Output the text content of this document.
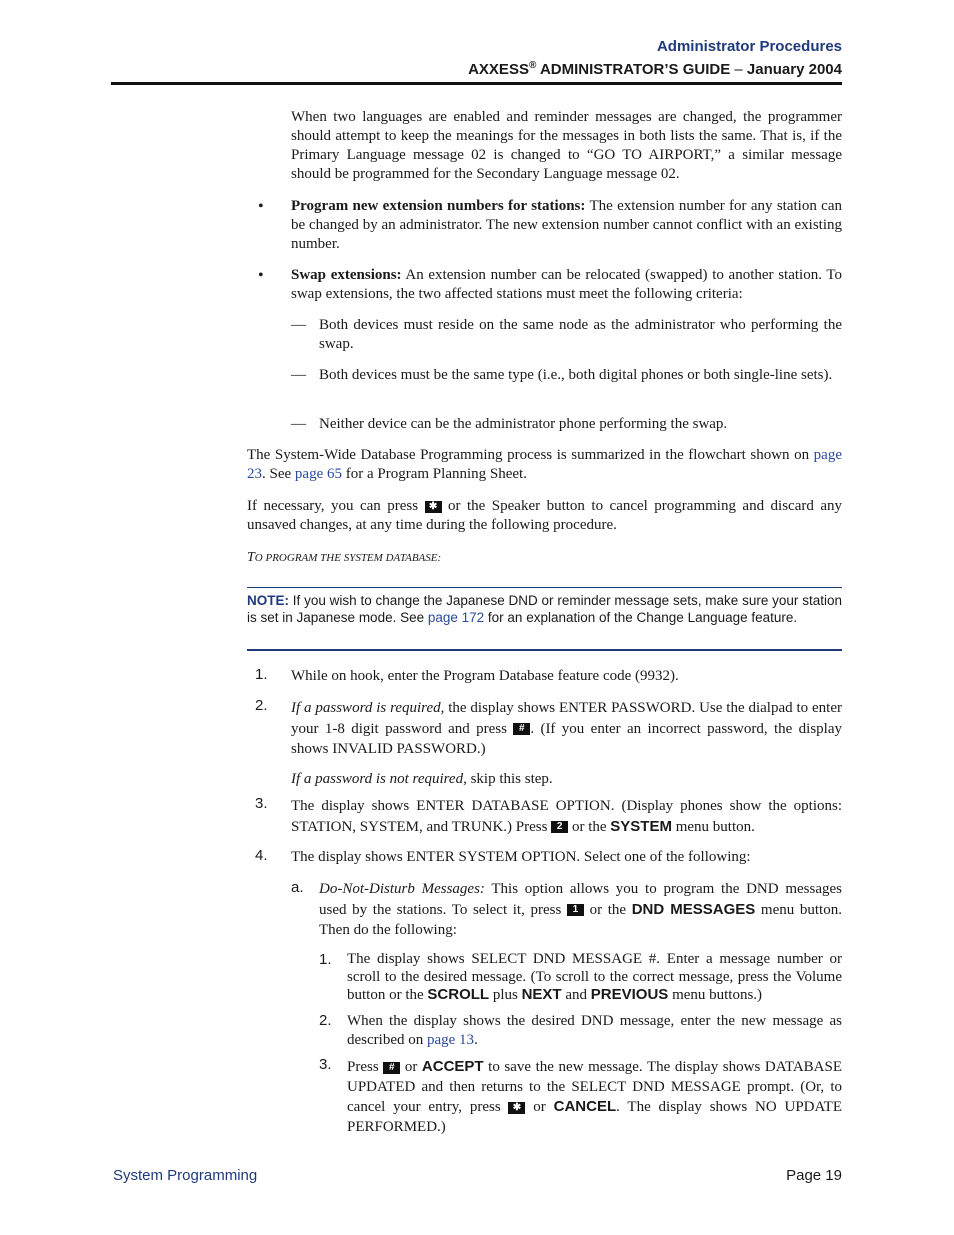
Administrator Procedures
AXXESS® ADMINISTRATOR’S GUIDE – January 2004

When two languages are enabled and reminder messages are changed, the programmer should attempt to keep the meanings for the messages in both lists the same. That is, if the Primary Language message 02 is changed to “GO TO AIRPORT,” a similar message should be programmed for the Secondary Language message 02.

• Program new extension numbers for stations: The extension number for any station can be changed by an administrator. The new extension number cannot conflict with an existing number.

• Swap extensions: An extension number can be relocated (swapped) to another station. To swap extensions, the two affected stations must meet the following criteria:

— Both devices must reside on the same node as the administrator who performing the swap.

— Both devices must be the same type (i.e., both digital phones or both single-line sets).

— Neither device can be the administrator phone performing the swap.

The System-Wide Database Programming process is summarized in the flowchart shown on page 23. See page 65 for a Program Planning Sheet.

If necessary, you can press ✱ or the Speaker button to cancel programming and discard any unsaved changes, at any time during the following procedure.

TO PROGRAM THE SYSTEM DATABASE:

NOTE: If you wish to change the Japanese DND or reminder message sets, make sure your station is set in Japanese mode. See page 172 for an explanation of the Change Language feature.

1. While on hook, enter the Program Database feature code (9932).

2. If a password is required, the display shows ENTER PASSWORD. Use the dialpad to enter your 1-8 digit password and press # . (If you enter an incorrect password, the display shows INVALID PASSWORD.)

If a password is not required, skip this step.

3. The display shows ENTER DATABASE OPTION. (Display phones show the options: STATION, SYSTEM, and TRUNK.) Press 2 or the SYSTEM menu button.

4. The display shows ENTER SYSTEM OPTION. Select one of the following:

a. Do-Not-Disturb Messages: This option allows you to program the DND messages used by the stations. To select it, press 1 or the DND MESSAGES menu button. Then do the following:

1. The display shows SELECT DND MESSAGE #. Enter a message number or scroll to the desired message. (To scroll to the correct message, press the Volume button or the SCROLL plus NEXT and PREVIOUS menu buttons.)

2. When the display shows the desired DND message, enter the new message as described on page 13.

3. Press # or ACCEPT to save the new message. The display shows DATABASE UPDATED and then returns to the SELECT DND MESSAGE prompt. (Or, to cancel your entry, press ✱ or CANCEL. The display shows NO UPDATE PERFORMED.)

System Programming	Page 19
